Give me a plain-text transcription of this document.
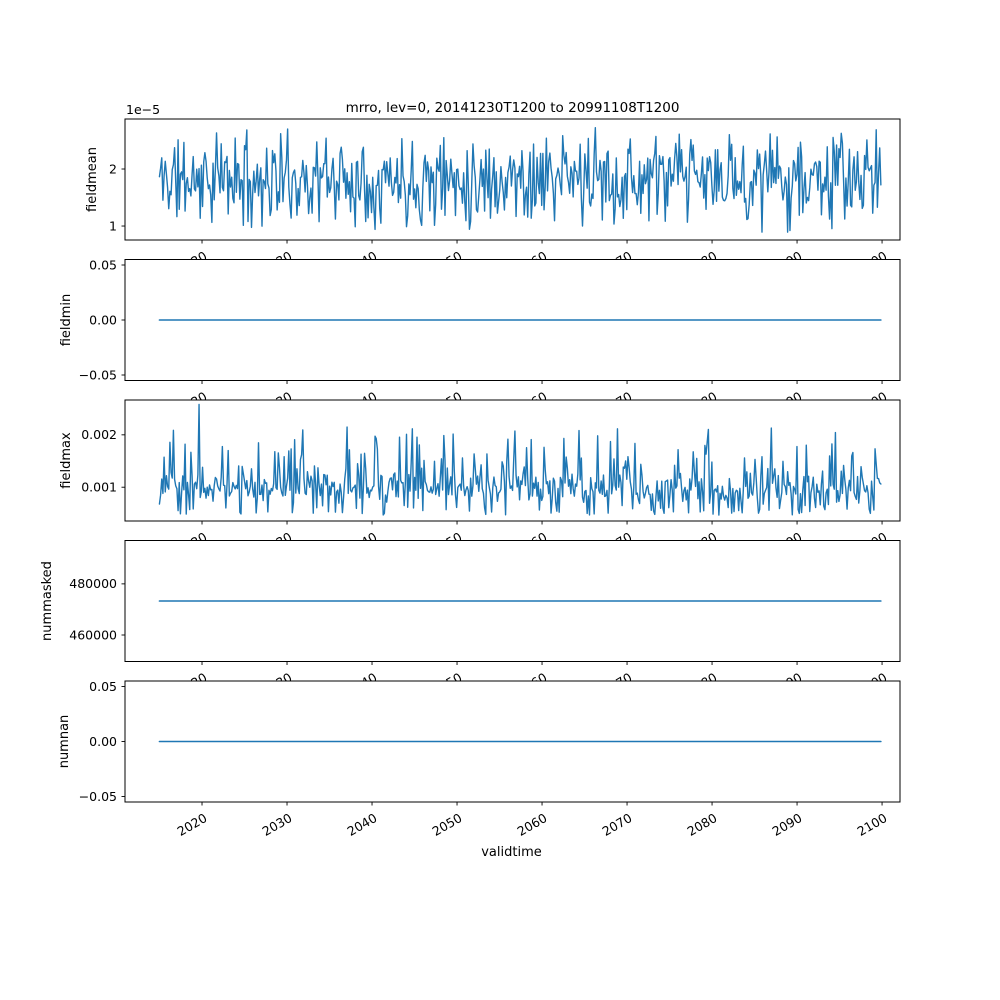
mrro, lev=0, 20141230T1200 to 20991108T1200
1
2
fieldmean
1e−5
−0.05
0.00
0.05
fieldmin
0.001
0.002
fieldmax
460000
480000
nummasked
2020	2030	2040	2050	2060	2070	2080	2090	2100
−0.05
0.00
0.05
numnan
validtime
